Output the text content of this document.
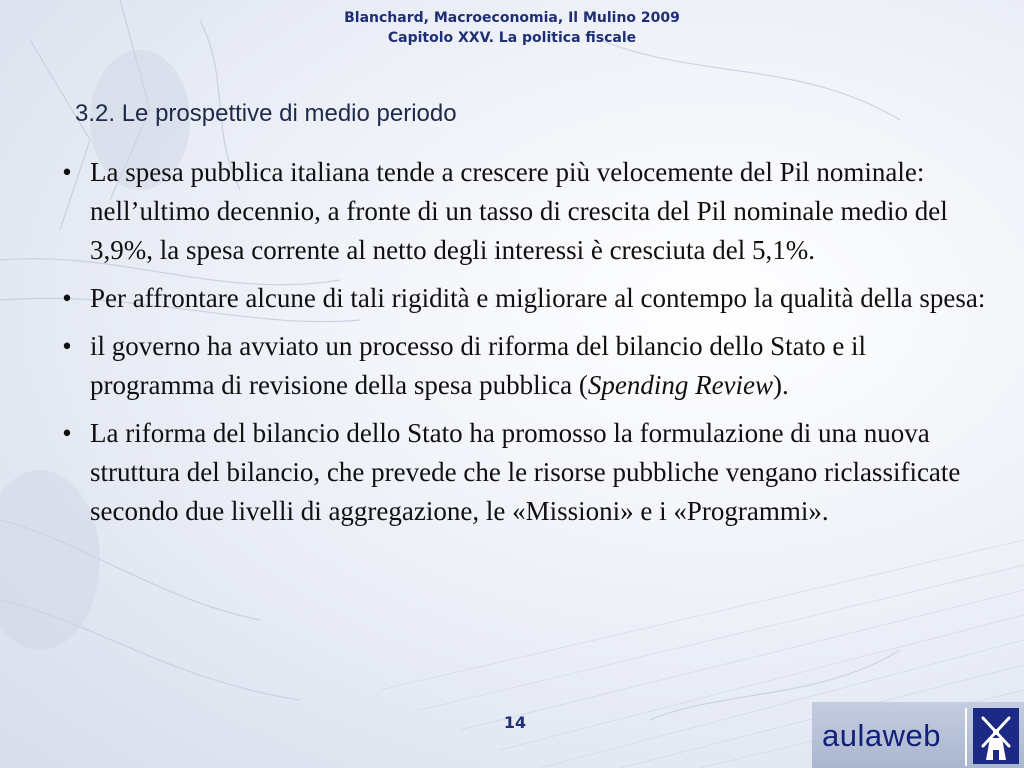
Blanchard, Macroeconomia, Il Mulino 2009
Capitolo XXV. La politica fiscale
3.2. Le prospettive di medio periodo
• La spesa pubblica italiana tende a crescere più velocemente del Pil nominale: nell’ultimo decennio, a fronte di un tasso di crescita del Pil nominale medio del 3,9%, la spesa corrente al netto degli interessi è cresciuta del 5,1%.
• Per affrontare alcune di tali rigidità e migliorare al contempo la qualità della spesa:
• il governo ha avviato un processo di riforma del bilancio dello Stato e il programma di revisione della spesa pubblica (Spending Review).
• La riforma del bilancio dello Stato ha promosso la formulazione di una nuova struttura del bilancio, che prevede che le risorse pubbliche vengano riclassificate secondo due livelli di aggregazione, le «Missioni» e i «Programmi».
14	aulaweb
